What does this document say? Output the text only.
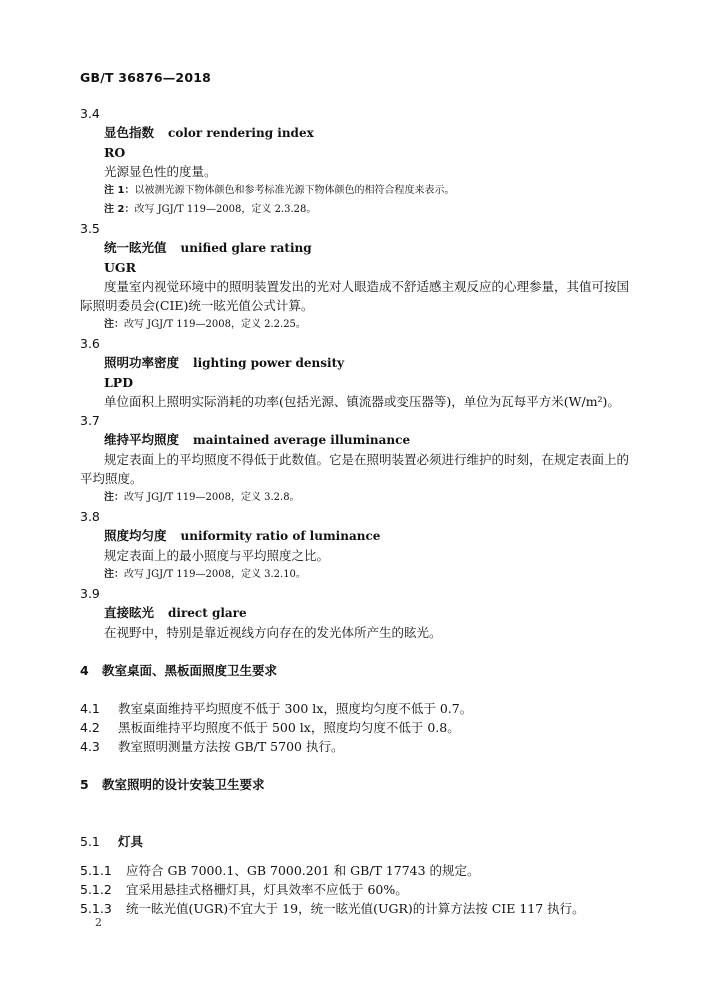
GB/T 36876—2018
3.4
显色指数 color rendering index
RO
光源显色性的度量。
注 1：以被测光源下物体颜色和参考标准光源下物体颜色的相符合程度来表示。
注 2：改写 JGJ/T 119—2008，定义 2.3.28。
3.5
统一眩光值 unified glare rating
UGR
度量室内视觉环境中的照明装置发出的光对人眼造成不舒适感主观反应的心理参量，其值可按国
际照明委员会(CIE)统一眩光值公式计算。
注：改写 JGJ/T 119—2008，定义 2.2.25。
3.6
照明功率密度 lighting power density
LPD
单位面积上照明实际消耗的功率(包括光源、镇流器或变压器等)，单位为瓦每平方米(W/m²)。
3.7
维持平均照度 maintained average illuminance
规定表面上的平均照度不得低于此数值。它是在照明装置必须进行维护的时刻，在规定表面上的
平均照度。
注：改写 JGJ/T 119—2008，定义 3.2.8。
3.8
照度均匀度 uniformity ratio of luminance
规定表面上的最小照度与平均照度之比。
注：改写 JGJ/T 119—2008，定义 3.2.10。
3.9
直接眩光 direct glare
在视野中，特别是靠近视线方向存在的发光体所产生的眩光。
4 教室桌面、黑板面照度卫生要求
4.1 教室桌面维持平均照度不低于 300 lx，照度均匀度不低于 0.7。
4.2 黑板面维持平均照度不低于 500 lx，照度均匀度不低于 0.8。
4.3 教室照明测量方法按 GB/T 5700 执行。
5 教室照明的设计安装卫生要求
5.1 灯具
5.1.1 应符合 GB 7000.1、GB 7000.201 和 GB/T 17743 的规定。
5.1.2 宜采用悬挂式格栅灯具，灯具效率不应低于 60%。
5.1.3 统一眩光值(UGR)不宜大于 19，统一眩光值(UGR)的计算方法按 CIE 117 执行。
2
